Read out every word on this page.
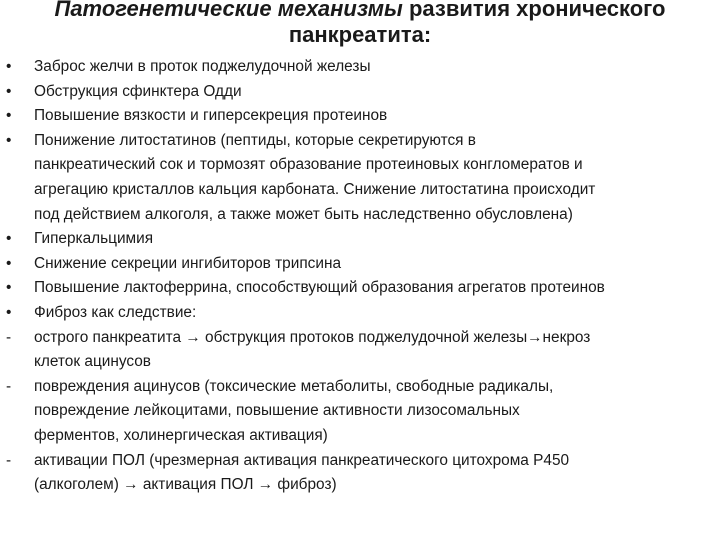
Патогенетические механизмы развития хронического панкреатита:
•	Заброс желчи в проток поджелудочной железы
•	Обструкция сфинктера Одди
•	Повышение вязкости и гиперсекреция протеинов
•	Понижение литостатинов (пептиды, которые секретируются в
панкреатический сок и тормозят образование протеиновых конгломератов и
агрегацию кристаллов кальция карбоната. Снижение литостатина происходит
под действием алкоголя, а также может быть наследственно обусловлена)
•	Гиперкальцимия
•	Снижение секреции ингибиторов трипсина
•	Повышение лактоферрина, способствующий образования агрегатов протеинов
•	Фиброз как следствие:
-	острого панкреатита → обструкция протоков поджелудочной железы→некроз
клеток ацинусов
-	повреждения ацинусов (токсические метаболиты, свободные радикалы,
повреждение лейкоцитами, повышение активности лизосомальных
ферментов, холинергическая активация)
-	активации ПОЛ (чрезмерная активация панкреатического цитохрома Р450
(алкоголем) → активация ПОЛ → фиброз)
